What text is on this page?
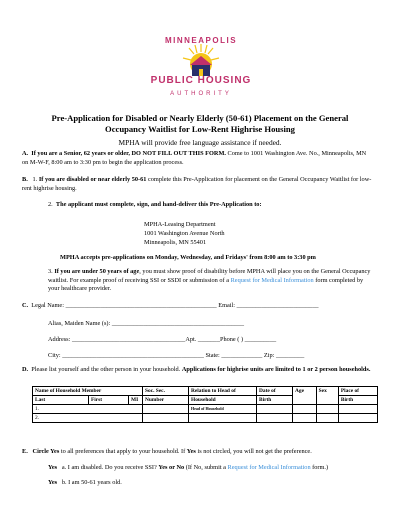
MINNEAPOLIS
PUBLIC HOUSING
AUTHORITY
Pre-Application for Disabled or Nearly Elderly (50-61) Placement on the General Occupancy Waitlist for Low-Rent Highrise Housing
MPHA will provide free language assistance if needed.
A. If you are a Senior, 62 years or older, DO NOT FILL OUT THIS FORM. Come to 1001 Washington Ave. No., Minneapolis, MN on M-W-F, 8:00 am to 3:30 pm to begin the application process.
B. 1. If you are disabled or near elderly 50-61 complete this Pre-Application for placement on the General Occupancy Waitlist for low-rent highrise housing.
2. The applicant must complete, sign, and hand-deliver this Pre-Application to:
MPHA-Leasing Department
1001 Washington Avenue North
Minneapolis, MN 55401
MPHA accepts pre-applications on Monday, Wednesday, and Fridays' from 8:00 am to 3:30 pm
3. If you are under 50 years of age, you must show proof of disability before MPHA will place you on the General Occupancy waitlist. For example proof of receiving SSI or SSDI or submission of a Request for Medical Information form completed by your healthcare provider.
C. Legal Name: ________________________________________________ Email: __________________________
Alias, Maiden Name (s): __________________________________________
Address: ____________________________________Apt. _______Phone ( ) __________
City: _____________________________________________ State: _____________ Zip: _________
D. Please list yourself and the other person in your household. Applications for highrise units are limited to 1 or 2 person households.
Name of Household Member			Soc. Sec.	Relation to Head of	Date of	Age	Sex	Place of
Last	First	MI	Number	Household	Birth			Birth
1.				Head of Household				
2.								
E. Circle Yes to all preferences that apply to your household. If Yes is not circled, you will not get the preference.
Yes a. I am disabled. Do you receive SSI? Yes or No (If No, submit a Request for Medical Information form.)
Yes b. I am 50-61 years old.
